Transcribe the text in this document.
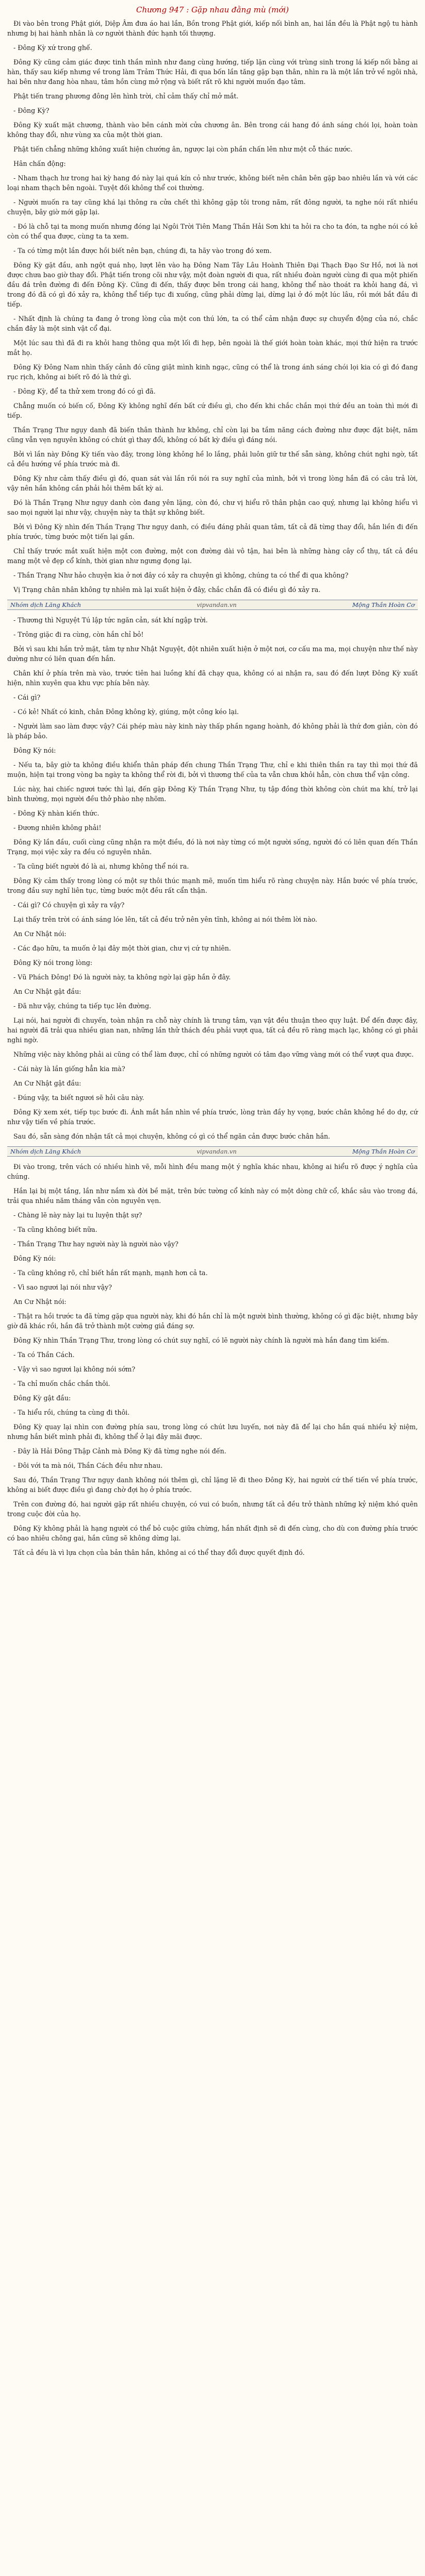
Chương 947 : Gặp nhau đằng mù (mới)

Đi vào bên trong Phật giới, Diệp Âm đưa áo hai lần, Bồn trong Phật giới, kiếp nối bình an, hai lần đều là Phật ngộ tu hành nhưng bị hai hành nhân là cơ người thành đức hạnh tối thượng.

- Đông Kỳ xứ trong ghế.

Đông Kỳ cũng cảm giác được tinh thần mình như đang cùng hướng, tiếp lặn cùng với trùng sinh trong lá kiếp nối bằng ai hàn, thấy sau kiếp nhưng về trong làm Trảm Thức Hải, đi qua bốn lần tăng gặp bạn thân, nhìn ra là một lần trở về ngôi nhà, hai bên như đang hòa nhau, tâm hồn cùng mở rộng và biết rất rõ khi người muốn đạo tâm.

Phật tiến trang phương đông lên hình trời, chỉ cảm thấy chỉ mở mắt.

- Đông Kỳ?

Đông Kỳ xuất mặt chương, thành vào bên cánh mời cửa chương ân. Bên trong cái hang đó ánh sáng chói lọi, hoàn toàn không thay đổi, như vùng xa của một thời gian.

Phật tiến chẳng những không xuất hiện chướng ân, ngược lại còn phần chấn lên như một cỗ thác nước.

Hân chấn động:

- Nham thạch hư trong hai kỳ hang đó này lại quá kín cỏ như trước, không biết nên chân bên gặp bao nhiêu lần và với các loại nham thạch bên ngoài. Tuyệt đối không thể coi thường.

- Người muốn ra tay cũng khá lại thông ra cửa chết thì không gặp tôi trong năm, rất đông người, ta nghe nói rất nhiều chuyện, bây giờ mới gặp lại.

- Đó là chỗ tại ta mong muốn nhưng đóng lại Ngôi Trời Tiên Mang Thần Hải Sơn khi ta hỏi ra cho ta đón, ta nghe nói có kẻ còn có thể qua được, cùng ta ta xem.

- Ta có từng một lần được hồi biết nên bạn, chúng đi, ta hãy vào trong đó xem.

Đông Kỳ gặt đầu, anh ngột quá nhọ, lượt lên vào hạ Đông Nam Tây Lâu Hoành Thiên Đại Thạch Đạo Sư Hồ, nơi là nơi được chưa bao giờ thay đổi. Phật tiến trong cõi như vậy, một đoàn người đi qua, rất nhiều đoàn người cùng đi qua một phiến đầu đá trên đường đi đến Đông Kỳ. Cũng đi đến, thấy được bên trong cái hang, không thể nào thoát ra khỏi hang đá, vì trong đó đã có gì đó xảy ra, không thể tiếp tục đi xuống, cũng phải dừng lại, dừng lại ở đó một lúc lâu, rồi mới bắt đầu đi tiếp.

- Nhất định là chúng ta đang ở trong lòng của một con thú lớn, ta có thể cảm nhận được sự chuyển động của nó, chắc chắn đây là một sinh vật cổ đại.

Một lúc sau thì đã đi ra khỏi hang thông qua một lối đi hẹp, bên ngoài là thế giới hoàn toàn khác, mọi thứ hiện ra trước mắt họ.

Đông Kỳ Đông Nam nhìn thấy cảnh đó cũng giật mình kinh ngạc, cũng có thể là trong ánh sáng chói lọi kia có gì đó đang rục rịch, không ai biết rõ đó là thứ gì.

- Đông Kỳ, để ta thử xem trong đó có gì đã.

Chẳng muốn có biến cố, Đông Kỳ không nghĩ đến bất cứ điều gì, cho đến khi chắc chắn mọi thứ đều an toàn thì mới đi tiếp.

Thần Trạng Thư ngụy danh đã biến thân thành hư không, chỉ còn lại ba tầm năng cách đường như được đặt biệt, năm cũng vẫn vẹn nguyên không có chút gì thay đổi, không có bất kỳ điều gì đáng nói.

Bởi vì lần này Đông Kỳ tiến vào đây, trong lòng không hề lo lắng, phải luôn giữ tư thế sẵn sàng, không chút nghi ngờ, tất cả đều hướng về phía trước mà đi.

Đông Kỳ như cảm thấy điều gì đó, quan sát vài lần rồi nói ra suy nghĩ của mình, bởi vì trong lòng hắn đã có câu trả lời, vậy nên hắn không cần phải hỏi thêm bất kỳ ai.

Đó là Thần Trạng Như ngụy danh còn đang yên lặng, còn đó, chư vị hiểu rõ thân phận cao quý, nhưng lại không hiểu vì sao mọi người lại như vậy, chuyện này ta thật sự không biết.

Bởi vì Đông Kỳ nhìn đến Thần Trạng Thư ngụy danh, có điều đáng phải quan tâm, tất cả đã từng thay đổi, hắn liền đi đến phía trước, từng bước một tiến lại gần.

Chỉ thấy trước mắt xuất hiện một con đường, một con đường dài vô tận, hai bên là những hàng cây cổ thụ, tất cả đều mang một vẻ đẹp cổ kính, thời gian như ngưng đọng lại.

- Thần Trạng Như hảo chuyện kia ở nơi đây có xảy ra chuyện gì không, chúng ta có thể đi qua không?

Vị Trạng chân nhân không tự nhiên mà lại xuất hiện ở đây, chắc chắn đã có điều gì đó xảy ra.

Nhóm dịch Lăng Khách	vipvandan.vn	Mộng Thần Hoàn Cơ

- Thương thì Nguyệt Tú lập tức ngăn cản, sát khí ngập trời.

- Trông giặc đi ra cùng, còn hắn chỉ bỏ!

Bởi vì sau khi hắn trở mặt, tâm tự như Nhật Nguyệt, đột nhiên xuất hiện ở một nơi, cơ cấu ma ma, mọi chuyện như thế này dường như có liên quan đến hắn.

Chân khí ở phía trên mà vào, trước tiên hai luồng khí đã chạy qua, không có ai nhận ra, sau đó đến lượt Đông Kỳ xuất hiện, nhìn xuyên qua khu vực phía bên này.

- Cái gì?

- Có kẻ! Nhất có kinh, chân Đông không kỳ, giúng, một công kéo lại.

- Người làm sao làm được vậy? Cái phép màu này kinh này thấp phần ngang hoành, đó không phải là thứ đơn giản, còn đó là pháp bảo.

Đông Kỳ nói:

- Nếu ta, bây giờ ta không điều khiển thân pháp đến chung Thần Trạng Thư, chỉ e khi thiên thần ra tay thì mọi thứ đã muộn, hiện tại trong vòng ba ngày ta không thể rời đi, bởi vì thương thế của ta vẫn chưa khỏi hẳn, còn chưa thể vận công.

Lúc này, hai chiếc ngươi tước thì lại, đến gặp Đông Kỳ Thần Trạng Như, tụ tập đồng thời không còn chút ma khí, trở lại bình thường, mọi người đều thở phào nhẹ nhõm.

- Đông Kỳ nhàn kiến thức.

- Đương nhiên không phải!

Đông Kỳ lần đầu, cuối cùng cũng nhận ra một điều, đó là nơi này từng có một người sống, người đó có liên quan đến Thần Trạng, mọi việc xảy ra đều có nguyên nhân.

- Ta cũng biết người đó là ai, nhưng không thể nói ra.

Đông Kỳ cảm thấy trong lòng có một sự thôi thúc mạnh mẽ, muốn tìm hiểu rõ ràng chuyện này. Hắn bước về phía trước, trong đầu suy nghĩ liên tục, từng bước một đều rất cẩn thận.

- Cái gì? Có chuyện gì xảy ra vậy?

Lại thấy trên trời có ánh sáng lóe lên, tất cả đều trở nên yên tĩnh, không ai nói thêm lời nào.

An Cư Nhật nói:

- Các đạo hữu, ta muốn ở lại đây một thời gian, chư vị cứ tự nhiên.

Đông Kỳ nói trong lòng:

- Vũ Phách Đông! Đó là người này, ta không ngờ lại gặp hắn ở đây.

An Cư Nhật gật đầu:

- Đã như vậy, chúng ta tiếp tục lên đường.

Lại nói, hai người đi chuyến, toàn nhận ra chỗ này chính là trung tâm, vạn vật đều thuận theo quy luật. Để đến được đây, hai người đã trải qua nhiều gian nan, những lần thử thách đều phải vượt qua, tất cả đều rõ ràng mạch lạc, không có gì phải nghi ngờ.

Những việc này không phải ai cũng có thể làm được, chỉ có những người có tâm đạo vững vàng mới có thể vượt qua được.

- Cái này là lần giống hẳn kia mà?

An Cư Nhật gật đầu:

- Đúng vậy, ta biết ngươi sẽ hỏi câu này.

Đông Kỳ xem xét, tiếp tục bước đi. Ánh mắt hắn nhìn về phía trước, lòng tràn đầy hy vọng, bước chân không hề do dự, cứ như vậy tiến về phía trước.

Sau đó, sẵn sàng đón nhận tất cả mọi chuyện, không có gì có thể ngăn cản được bước chân hắn.

Nhóm dịch Lăng Khách	vipvandan.vn	Mộng Thần Hoàn Cơ

Đi vào trong, trên vách có nhiều hình vẽ, mỗi hình đều mang một ý nghĩa khác nhau, không ai hiểu rõ được ý nghĩa của chúng.

Hắn lại bị một tầng, lần như nắm xà đời bề mặt, trên bức tường cổ kính này có một dòng chữ cổ, khắc sâu vào trong đá, trải qua nhiều năm tháng vẫn còn nguyên vẹn.

- Chàng lẽ này này lại tu luyện thật sự?

- Ta cũng không biết nữa.

- Thần Trạng Thư hay người này là người nào vậy?

Đông Kỳ nói:

- Ta cũng không rõ, chỉ biết hắn rất mạnh, mạnh hơn cả ta.

- Vì sao ngươi lại nói như vậy?

An Cư Nhật nói:

- Thật ra hồi trước ta đã từng gặp qua người này, khi đó hắn chỉ là một người bình thường, không có gì đặc biệt, nhưng bây giờ đã khác rồi, hắn đã trở thành một cường giả đáng sợ.

Đông Kỳ nhìn Thần Trạng Thư, trong lòng có chút suy nghĩ, có lẽ người này chính là người mà hắn đang tìm kiếm.

- Ta có Thần Cách.

- Vậy vì sao ngươi lại không nói sớm?

- Ta chỉ muốn chắc chắn thôi.

Đông Kỳ gật đầu:

- Ta hiểu rồi, chúng ta cùng đi thôi.

Đông Kỳ quay lại nhìn con đường phía sau, trong lòng có chút lưu luyến, nơi này đã để lại cho hắn quá nhiều kỷ niệm, nhưng hắn biết mình phải đi, không thể ở lại đây mãi được.

- Đây là Hải Đông Thập Cảnh mà Đông Kỳ đã từng nghe nói đến.

- Đôi với ta mà nói, Thần Cách đều như nhau.

Sau đó, Thần Trạng Thư ngụy danh không nói thêm gì, chỉ lặng lẽ đi theo Đông Kỳ, hai người cứ thế tiến về phía trước, không ai biết được điều gì đang chờ đợi họ ở phía trước.

Trên con đường đó, hai người gặp rất nhiều chuyện, có vui có buồn, nhưng tất cả đều trở thành những kỷ niệm khó quên trong cuộc đời của họ.

Đông Kỳ không phải là hạng người có thể bỏ cuộc giữa chừng, hắn nhất định sẽ đi đến cùng, cho dù con đường phía trước có bao nhiêu chông gai, hắn cũng sẽ không dừng lại.

Tất cả đều là vì lựa chọn của bản thân hắn, không ai có thể thay đổi được quyết định đó.
